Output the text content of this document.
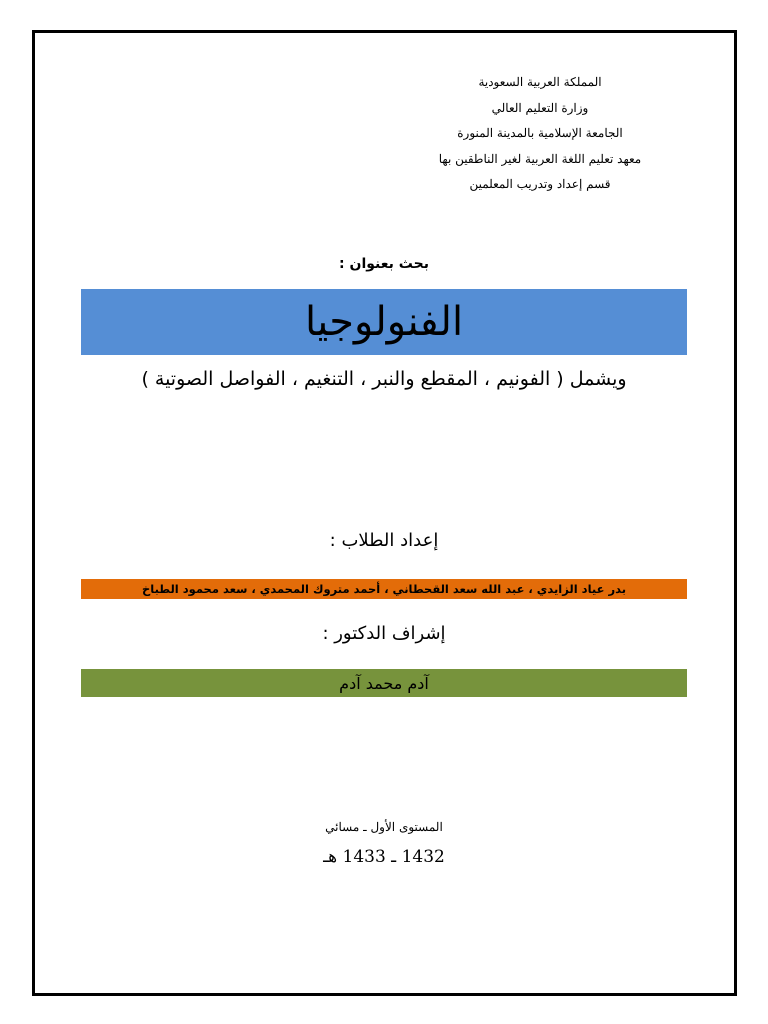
المملكة العربية السعودية
وزارة التعليم العالي
الجامعة الإسلامية بالمدينة المنورة
معهد تعليم اللغة العربية لغير الناطقين بها
قسم إعداد وتدريب المعلمين
بحث بعنوان :
الفنولوجيا
ويشمل ( الفونيم ، المقطع والنبر ، التنغيم ، الفواصل الصوتية )
إعداد الطلاب :
بدر عياد الزايدي ، عبد الله سعد القحطاني ، أحمد متروك المحمدي ، سعد محمود الطباخ
إشراف الدكتور :
آدم محمد آدم
المستوى الأول ـ مسائي
1432 ـ 1433 هـ
